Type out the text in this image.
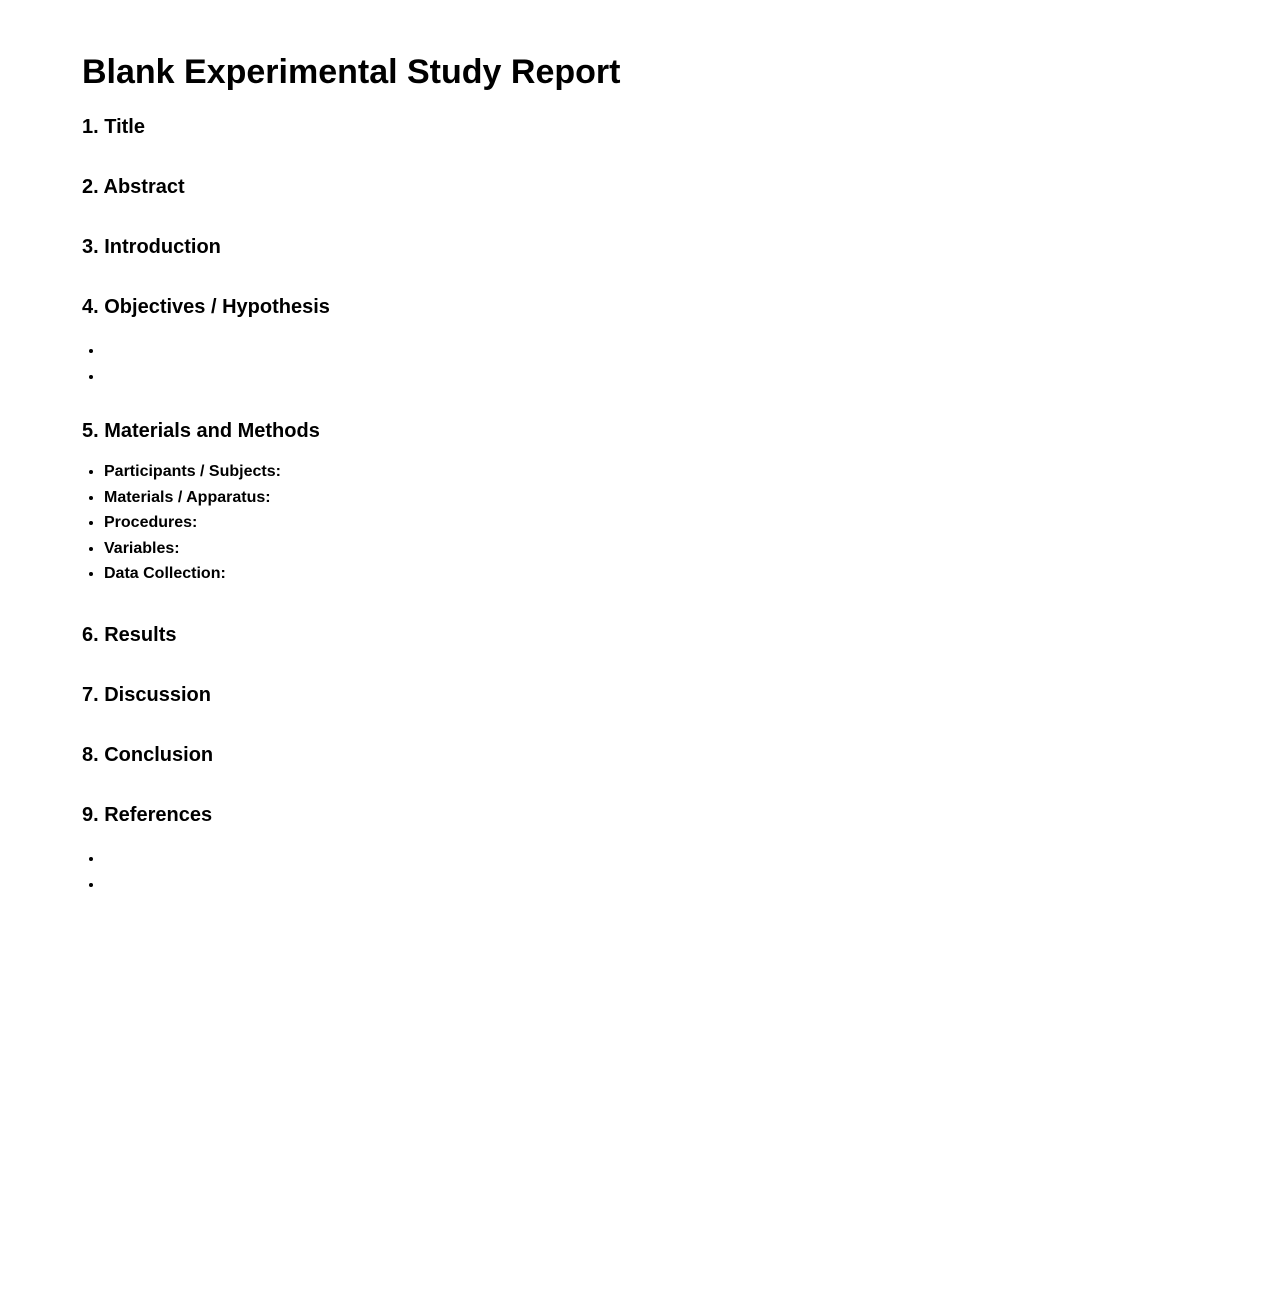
Blank Experimental Study Report
1. Title
2. Abstract
3. Introduction
4. Objectives / Hypothesis
•
•
5. Materials and Methods
• Participants / Subjects:
• Materials / Apparatus:
• Procedures:
• Variables:
• Data Collection:
6. Results
7. Discussion
8. Conclusion
9. References
•
•
